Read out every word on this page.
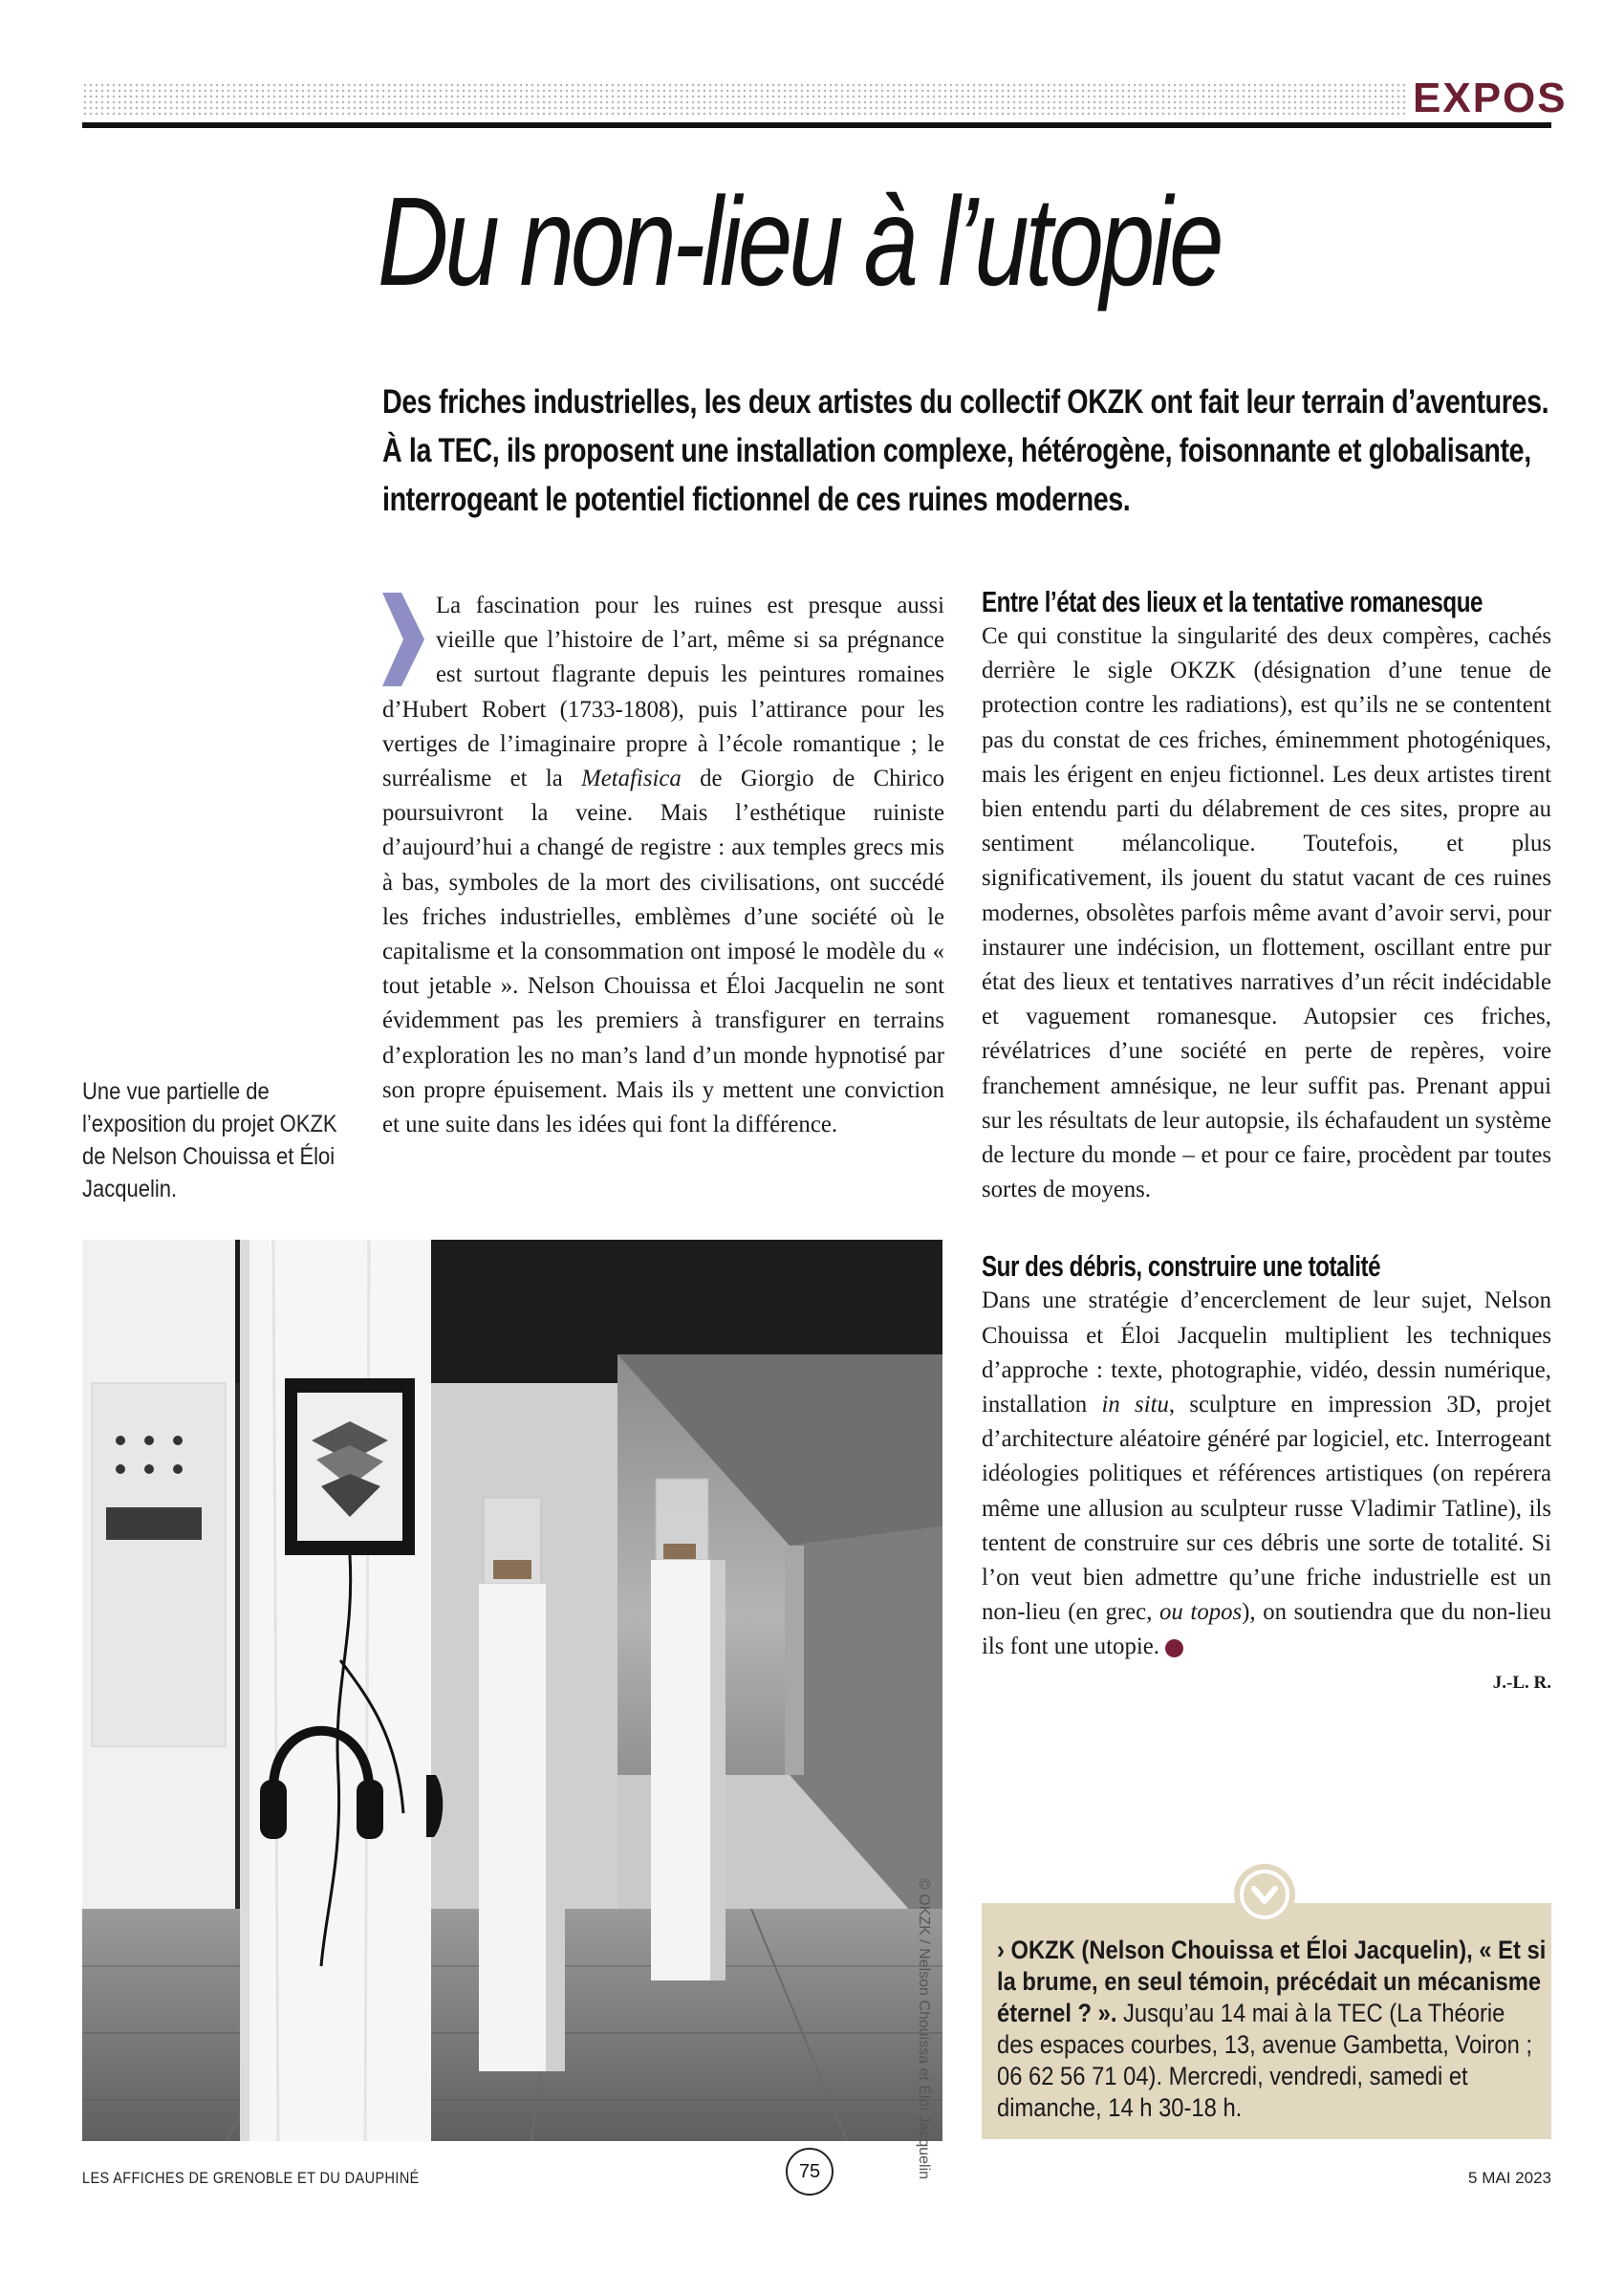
EXPOS
Du non-lieu à l’utopie

Des friches industrielles, les deux artistes du collectif OKZK ont fait leur terrain d’aventures.

À la TEC, ils proposent une installation complexe, hétérogène, foisonnante et globalisante,

interrogeant le potentiel fictionnel de ces ruines modernes.

La fascination pour les ruines est presque aussi vieille que l’histoire de l’art, même si sa prégnance est surtout flagrante depuis les peintures romaines d’Hubert Robert (1733-1808), puis l’attirance pour les vertiges de l’imaginaire propre à l’école romantique ; le surréalisme et la Metafisica de Giorgio de Chirico poursuivront la veine. Mais l’esthétique ruiniste d’aujourd’hui a changé de registre : aux temples grecs mis à bas, symboles de la mort des civilisations, ont succédé les friches industrielles, emblèmes d’une société où le capitalisme et la consommation ont imposé le modèle du « tout jetable ». Nelson Chouissa et Éloi Jacquelin ne sont évidemment pas les premiers à transfigurer en terrains d’exploration les no man’s land d’un monde hypnotisé par son propre épuisement. Mais ils y mettent une conviction et une suite dans les idées qui font la différence.

Entre l’état des lieux et la tentative romanesque

Ce qui constitue la singularité des deux compères, cachés derrière le sigle OKZK (désignation d’une tenue de protection contre les radiations), est qu’ils ne se contentent pas du constat de ces friches, éminemment photogéniques, mais les érigent en enjeu fictionnel. Les deux artistes tirent bien entendu parti du délabrement de ces sites, propre au sentiment mélancolique. Toutefois, et plus significativement, ils jouent du statut vacant de ces ruines modernes, obsolètes parfois même avant d’avoir servi, pour instaurer une indécision, un flottement, oscillant entre pur état des lieux et tentatives narratives d’un récit indécidable et vaguement romanesque. Autopsier ces friches, révélatrices d’une société en perte de repères, voire franchement amnésique, ne leur suffit pas. Prenant appui sur les résultats de leur autopsie, ils échafaudent un système de lecture du monde – et pour ce faire, procèdent par toutes sortes de moyens.

Sur des débris, construire une totalité

Dans une stratégie d’encerclement de leur sujet, Nelson Chouissa et Éloi Jacquelin multiplient les techniques d’approche : texte, photographie, vidéo, dessin numérique, installation in situ, sculpture en impression 3D, projet d’architecture aléatoire généré par logiciel, etc. Interrogeant idéologies politiques et références artistiques (on repérera même une allusion au sculpteur russe Vladimir Tatline), ils tentent de construire sur ces débris une sorte de totalité. Si l’on veut bien admettre qu’une friche industrielle est un non-lieu (en grec, ou topos), on soutiendra que du non-lieu ils font une utopie.

J.-L. R.

Une vue partielle de

l’exposition du projet OKZK

de Nelson Chouissa et Éloi

Jacquelin.

© OKZK / Nelson Chouissa et Éloi Jacquelin	› OKZK (Nelson Chouissa et Éloi Jacquelin), « Et si

la brume, en seul témoin, précédait un mécanisme

éternel ? ». Jusqu’au 14 mai à la TEC (La Théorie

des espaces courbes, 13, avenue Gambetta, Voiron ;

06 62 56 71 04). Mercredi, vendredi, samedi et

dimanche, 14 h 30-18 h.

LES AFFICHES DE GRENOBLE ET DU DAUPHINÉ	75	5 MAI 2023
